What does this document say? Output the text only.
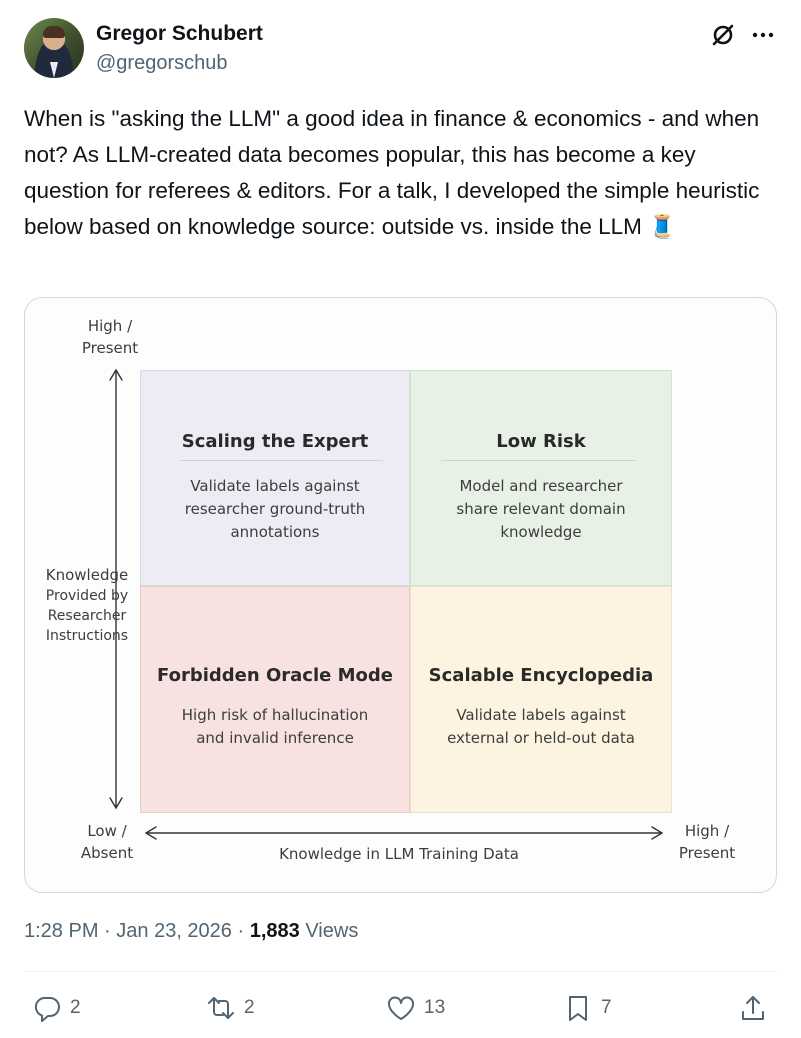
Gregor Schubert
@gregorschub
When is "asking the LLM" a good idea in finance & economics - and when not? As LLM-created data becomes popular, this has become a key question for referees & editors. For a talk, I developed the simple heuristic below based on knowledge source: outside vs. inside the LLM 🧵
Scaling the Expert
Validate labels against
researcher ground-truth
annotations
Low Risk
Model and researcher
share relevant domain
knowledge
Forbidden Oracle Mode
High risk of hallucination
and invalid inference
Scalable Encyclopedia
Validate labels against
external or held-out data
High /
Present
Knowledge
Provided by
Researcher
Instructions
Low /
Absent
High /
Present
Knowledge in LLM Training Data
1:28 PM · Jan 23, 2026 · 1,883 Views
2	2	13	7
